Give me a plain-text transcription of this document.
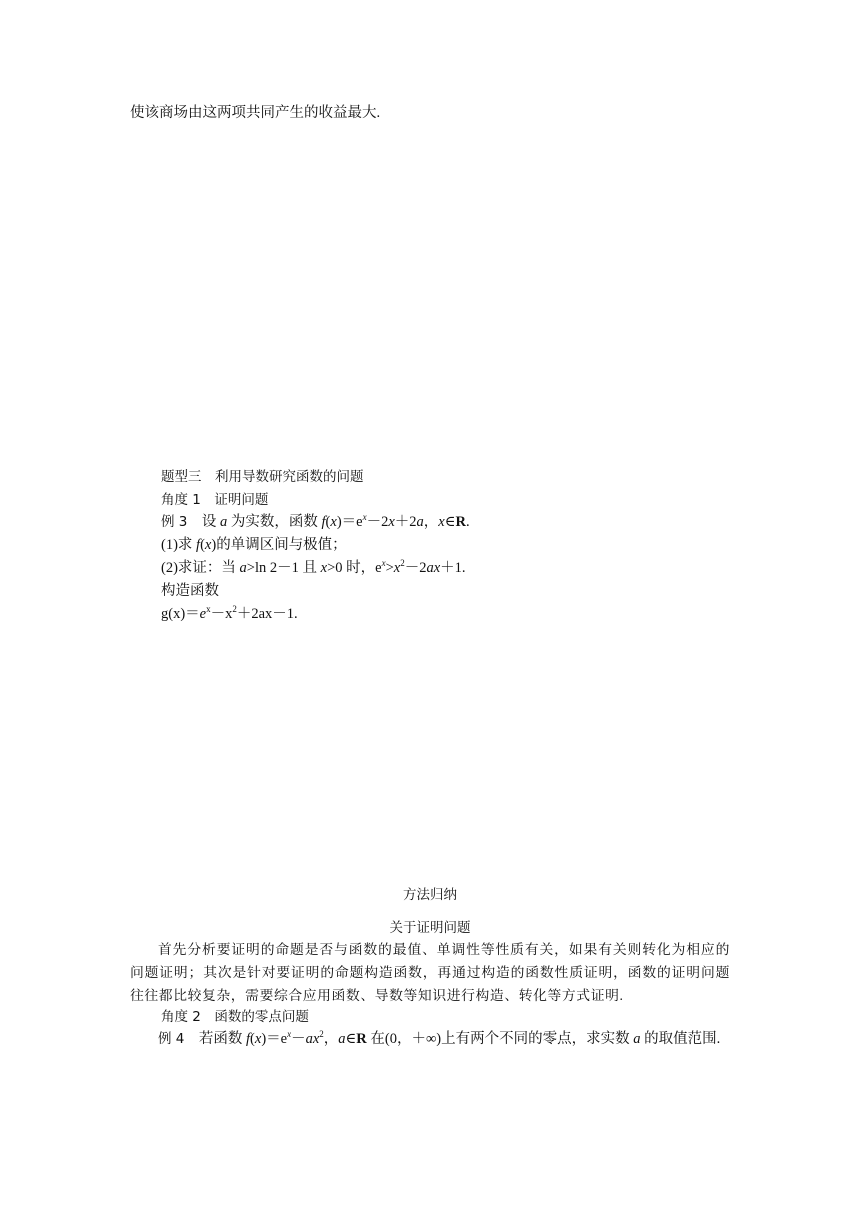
使该商场由这两项共同产生的收益最大.
题型三　利用导数研究函数的问题
角度 1　证明问题
例 3　 设 a 为实数，函数 $f(x)=e^x-2x+2a$，x∈R.
(1)求 f(x)的单调区间与极值；
(2)求证：当 a>ln 2－1 且 x>0 时，$e^x>x^2-2ax+1$.
构造函数
$g(x)=e^x-x^2+2ax-1$.
方法归纳
关于证明问题
首先分析要证明的命题是否与函数的最值、单调性等性质有关，如果有关则转化为相应的问题证明；其次是针对要证明的命题构造函数，再通过构造的函数性质证明，函数的证明问题往往都比较复杂，需要综合应用函数、导数等知识进行构造、转化等方式证明.
角度 2　函数的零点问题
例 4　 若函数 $f(x)=e^x-ax^2$，a∈R 在(0，＋∞)上有两个不同的零点，求实数 a 的取值范围.
